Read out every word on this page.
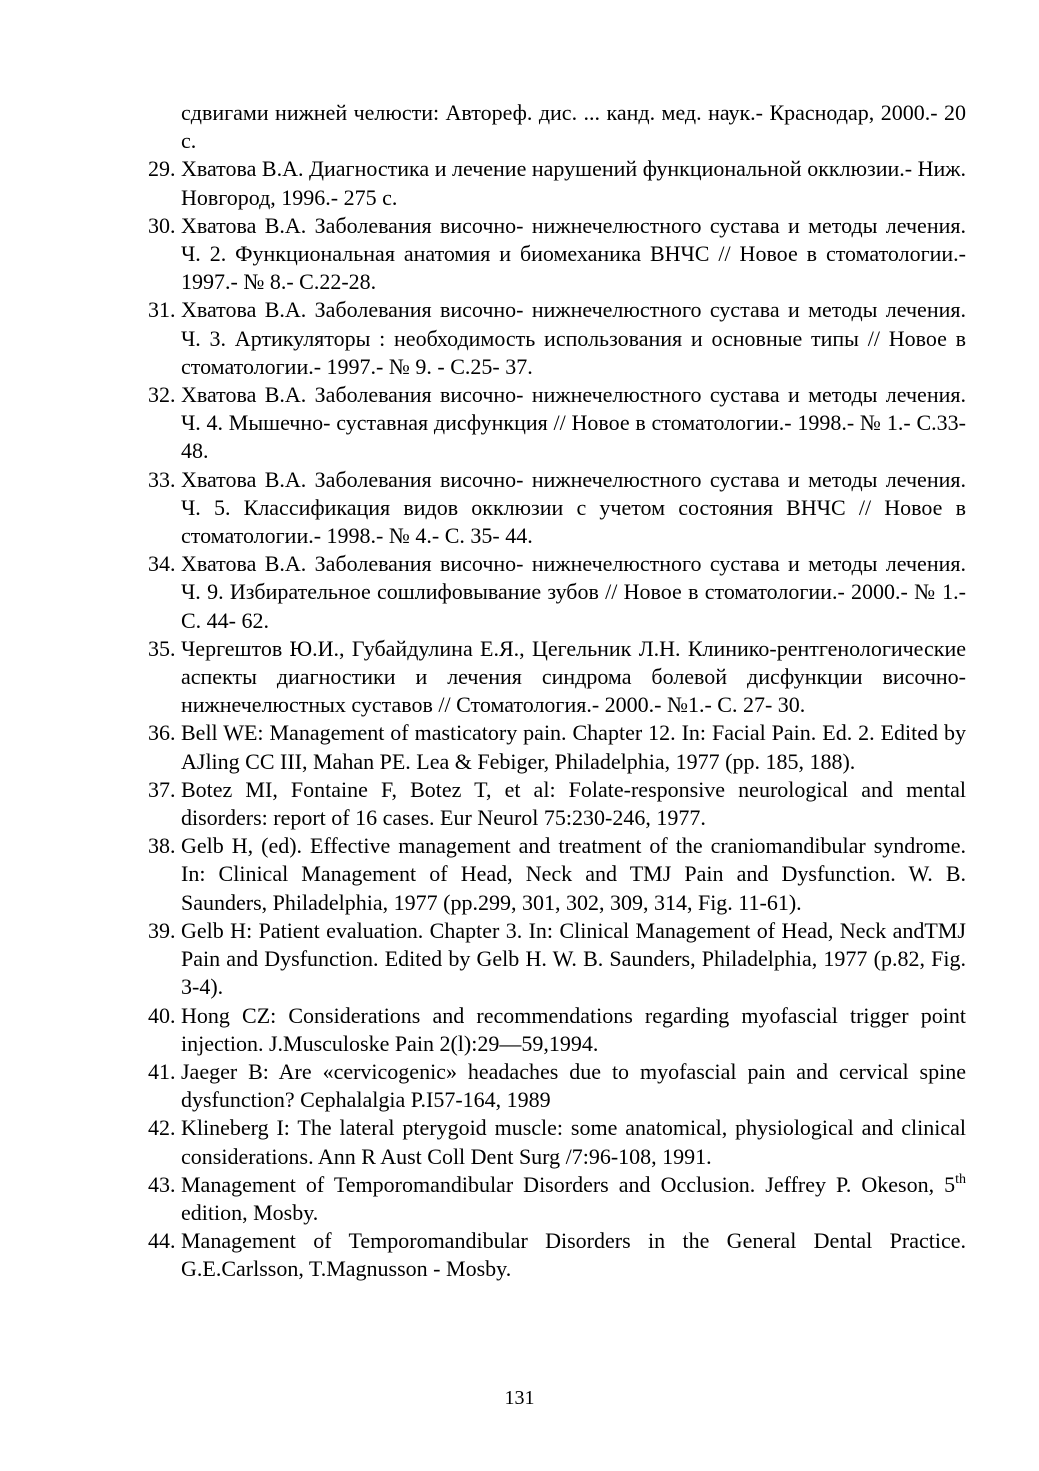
сдвигами нижней челюсти: Автореф. дис. ... канд. мед. наук.- Краснодар, 2000.- 20 с.

29. Хватова В.А. Диагностика и лечение нарушений функциональной окклюзии.- Ниж. Новгород, 1996.- 275 с.

30. Хватова В.А. Заболевания височно- нижнечелюстного сустава и методы лечения. Ч. 2. Функциональная анатомия и биомеханика ВНЧС // Новое в стоматологии.- 1997.- № 8.- С.22-28.

31. Хватова В.А. Заболевания височно- нижнечелюстного сустава и методы лечения. Ч. 3. Артикуляторы : необходимость использования и основные типы // Новое в стоматологии.- 1997.- № 9. - С.25- 37.

32. Хватова В.А. Заболевания височно- нижнечелюстного сустава и методы лечения. Ч. 4. Мышечно- суставная дисфункция // Новое в стоматологии.- 1998.- № 1.- С.33- 48.

33. Хватова В.А. Заболевания височно- нижнечелюстного сустава и методы лечения. Ч. 5. Классификация видов окклюзии с учетом состояния ВНЧС // Новое в стоматологии.- 1998.- № 4.- С. 35- 44.

34. Хватова В.А. Заболевания височно- нижнечелюстного сустава и методы лечения. Ч. 9. Избирательное сошлифовывание зубов // Новое в стоматологии.- 2000.- № 1.- С. 44- 62.

35. Чергештов Ю.И., Губайдулина Е.Я., Цегельник Л.Н. Клинико-рентгенологические аспекты диагностики и лечения синдрома болевой дисфункции височно- нижнечелюстных суставов // Стоматология.- 2000.- №1.- С. 27- 30.

36. Bell WE: Management of masticatory pain. Chapter 12. In: Facial Pain. Ed. 2. Edited by AJling CC III, Mahan PE. Lea & Febiger, Philadelphia, 1977 (pp. 185, 188).

37. Botez MI, Fontaine F, Botez T, et al: Folate-responsive neurological and mental disorders: report of 16 cases. Eur Neurol 75:230-246, 1977.

38. Gelb H, (ed). Effective management and treatment of the craniomandibular syndrome. In: Clinical Management of Head, Neck and TMJ Pain and Dysfunction. W. B. Saunders, Philadelphia, 1977 (pp.299, 301, 302, 309, 314, Fig. 11-61).

39. Gelb H: Patient evaluation. Chapter 3. In: Clinical Management of Head, Neck andTMJ Pain and Dysfunction. Edited by Gelb H. W. B. Saunders, Philadelphia, 1977 (p.82, Fig. 3-4).

40. Hong CZ: Considerations and recommendations regarding myofascial trigger point injection. J.Musculoske Pain 2(l):29—59,1994.

41. Jaeger B: Are «cervicogenic» headaches due to myofascial pain and cervical spine dysfunction? Cephalalgia P.I57-164, 1989

42. Klineberg I: The lateral pterygoid muscle: some anatomical, physiological and clinical considerations. Ann R Aust Coll Dent Surg /7:96-108, 1991.

43. Management of Temporomandibular Disorders and Occlusion. Jeffrey P. Okeson, 5th edition, Mosby.

44. Management of Temporomandibular Disorders in the General Dental Practice. G.E.Carlsson, T.Magnusson - Mosby.

131
